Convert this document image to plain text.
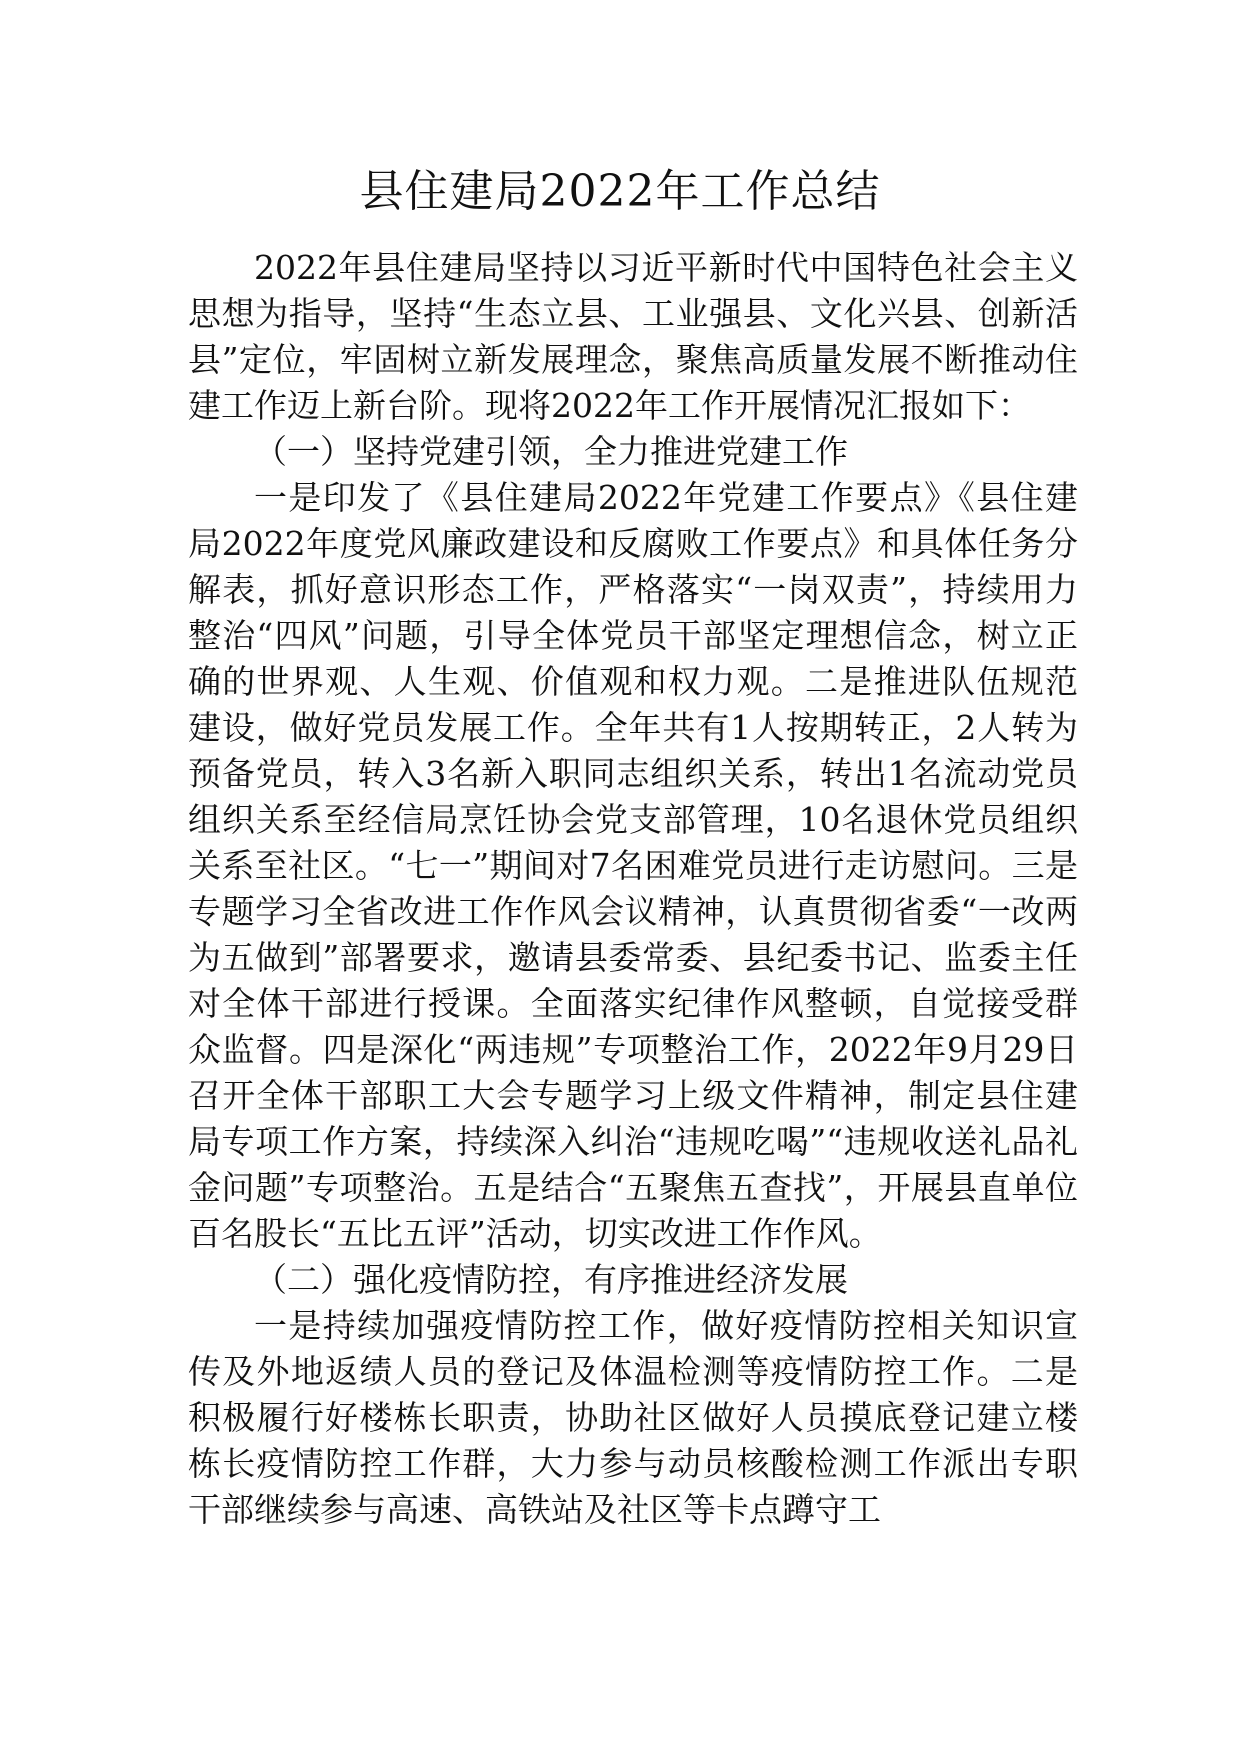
县住建局2022年工作总结

2022年县住建局坚持以习近平新时代中国特色社会主义思想为指导，坚持“生态立县、工业强县、文化兴县、创新活县”定位，牢固树立新发展理念，聚焦高质量发展不断推动住建工作迈上新台阶。现将2022年工作开展情况汇报如下：

（一）坚持党建引领，全力推进党建工作

一是印发了《县住建局2022年党建工作要点》《县住建局2022年度党风廉政建设和反腐败工作要点》和具体任务分解表，抓好意识形态工作，严格落实“一岗双责”，持续用力整治“四风”问题，引导全体党员干部坚定理想信念，树立正确的世界观、人生观、价值观和权力观。二是推进队伍规范建设，做好党员发展工作。全年共有1人按期转正，2人转为预备党员，转入3名新入职同志组织关系，转出1名流动党员组织关系至经信局烹饪协会党支部管理，10名退休党员组织关系至社区。“七一”期间对7名困难党员进行走访慰问。三是专题学习全省改进工作作风会议精神，认真贯彻省委“一改两为五做到”部署要求，邀请县委常委、县纪委书记、监委主任对全体干部进行授课。全面落实纪律作风整顿，自觉接受群众监督。四是深化“两违规”专项整治工作，2022年9月29日召开全体干部职工大会专题学习上级文件精神，制定县住建局专项工作方案，持续深入纠治“违规吃喝”“违规收送礼品礼金问题”专项整治。五是结合“五聚焦五查找”，开展县直单位百名股长“五比五评”活动，切实改进工作作风。

（二）强化疫情防控，有序推进经济发展

一是持续加强疫情防控工作，做好疫情防控相关知识宣传及外地返绩人员的登记及体温检测等疫情防控工作。二是积极履行好楼栋长职责，协助社区做好人员摸底登记建立楼栋长疫情防控工作群，大力参与动员核酸检测工作派出专职干部继续参与高速、高铁站及社区等卡点蹲守工
